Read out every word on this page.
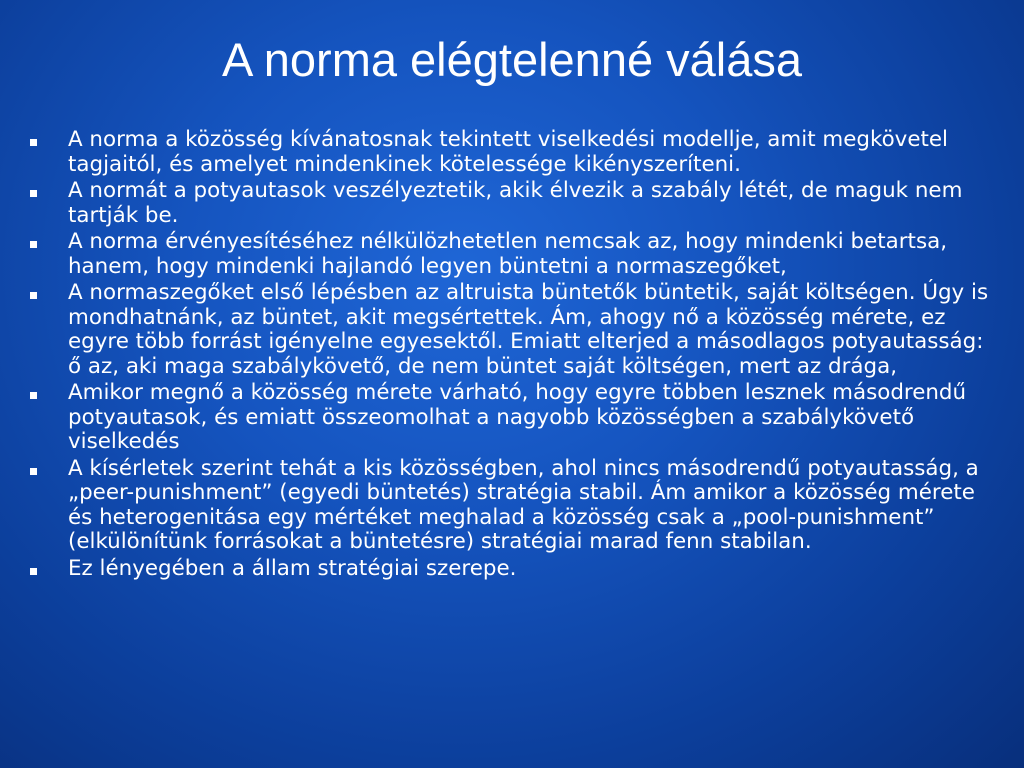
A norma elégtelenné válása
A norma a közösség kívánatosnak tekintett viselkedési modellje, amit megkövetel tagjaitól, és amelyet mindenkinek kötelessége kikényszeríteni.
A normát a potyautasok veszélyeztetik, akik élvezik a szabály létét, de maguk nem tartják be.
A norma érvényesítéséhez nélkülözhetetlen nemcsak az, hogy mindenki betartsa, hanem, hogy mindenki hajlandó legyen büntetni a normaszegőket,
A normaszegőket első lépésben az altruista büntetők büntetik, saját költségen. Úgy is mondhatnánk, az büntet, akit megsértettek. Ám, ahogy nő a közösség mérete, ez egyre több forrást igényelne egyesektől. Emiatt elterjed a másodlagos potyautasság: ő az, aki maga szabálykövető, de nem büntet saját költségen, mert az drága,
Amikor megnő a közösség mérete várható, hogy egyre többen lesznek másodrendű potyautasok, és emiatt összeomolhat a nagyobb közösségben a szabálykövető viselkedés
A kísérletek szerint tehát a kis közösségben, ahol nincs másodrendű potyautasság, a „peer-punishment” (egyedi büntetés) stratégia stabil. Ám amikor a közösség mérete és heterogenitása egy mértéket meghalad a közösség csak a „pool-punishment” (elkülönítünk forrásokat a büntetésre) stratégiai marad fenn stabilan.
Ez lényegében a állam stratégiai szerepe.
